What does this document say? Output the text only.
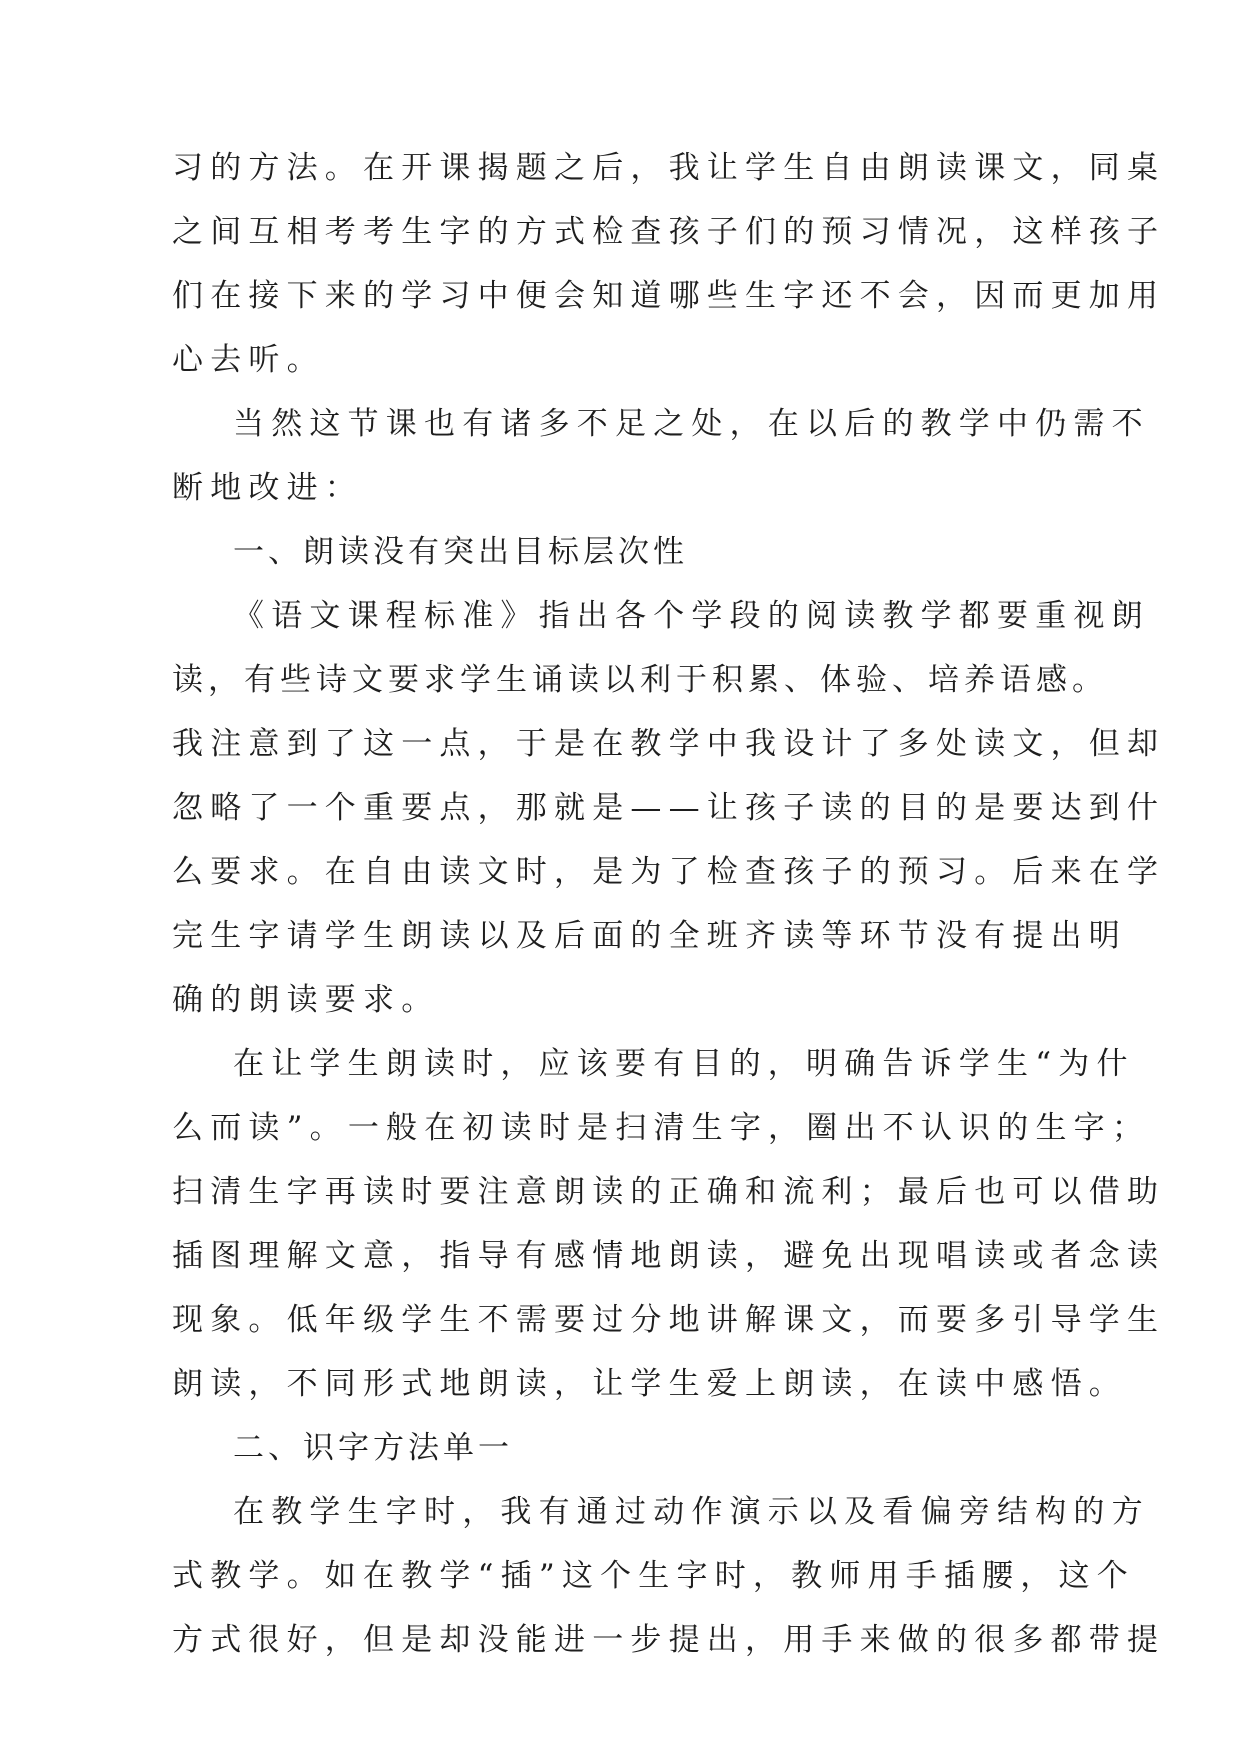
习的方法。在开课揭题之后，我让学生自由朗读课文，同桌
之间互相考考生字的方式检查孩子们的预习情况，这样孩子
们在接下来的学习中便会知道哪些生字还不会，因而更加用
心去听。
当然这节课也有诸多不足之处，在以后的教学中仍需不
断地改进：
一、朗读没有突出目标层次性
《语文课程标准》指出各个学段的阅读教学都要重视朗
读，有些诗文要求学生诵读以利于积累、体验、培养语感。
我注意到了这一点，于是在教学中我设计了多处读文，但却
忽略了一个重要点，那就是——让孩子读的目的是要达到什
么要求。在自由读文时，是为了检查孩子的预习。后来在学
完生字请学生朗读以及后面的全班齐读等环节没有提出明
确的朗读要求。
在让学生朗读时，应该要有目的，明确告诉学生“为什
么而读”。一般在初读时是扫清生字，圈出不认识的生字；
扫清生字再读时要注意朗读的正确和流利；最后也可以借助
插图理解文意，指导有感情地朗读，避免出现唱读或者念读
现象。低年级学生不需要过分地讲解课文，而要多引导学生
朗读，不同形式地朗读，让学生爱上朗读，在读中感悟。
二、识字方法单一
在教学生字时，我有通过动作演示以及看偏旁结构的方
式教学。如在教学“插”这个生字时，教师用手插腰，这个
方式很好，但是却没能进一步提出，用手来做的很多都带提
